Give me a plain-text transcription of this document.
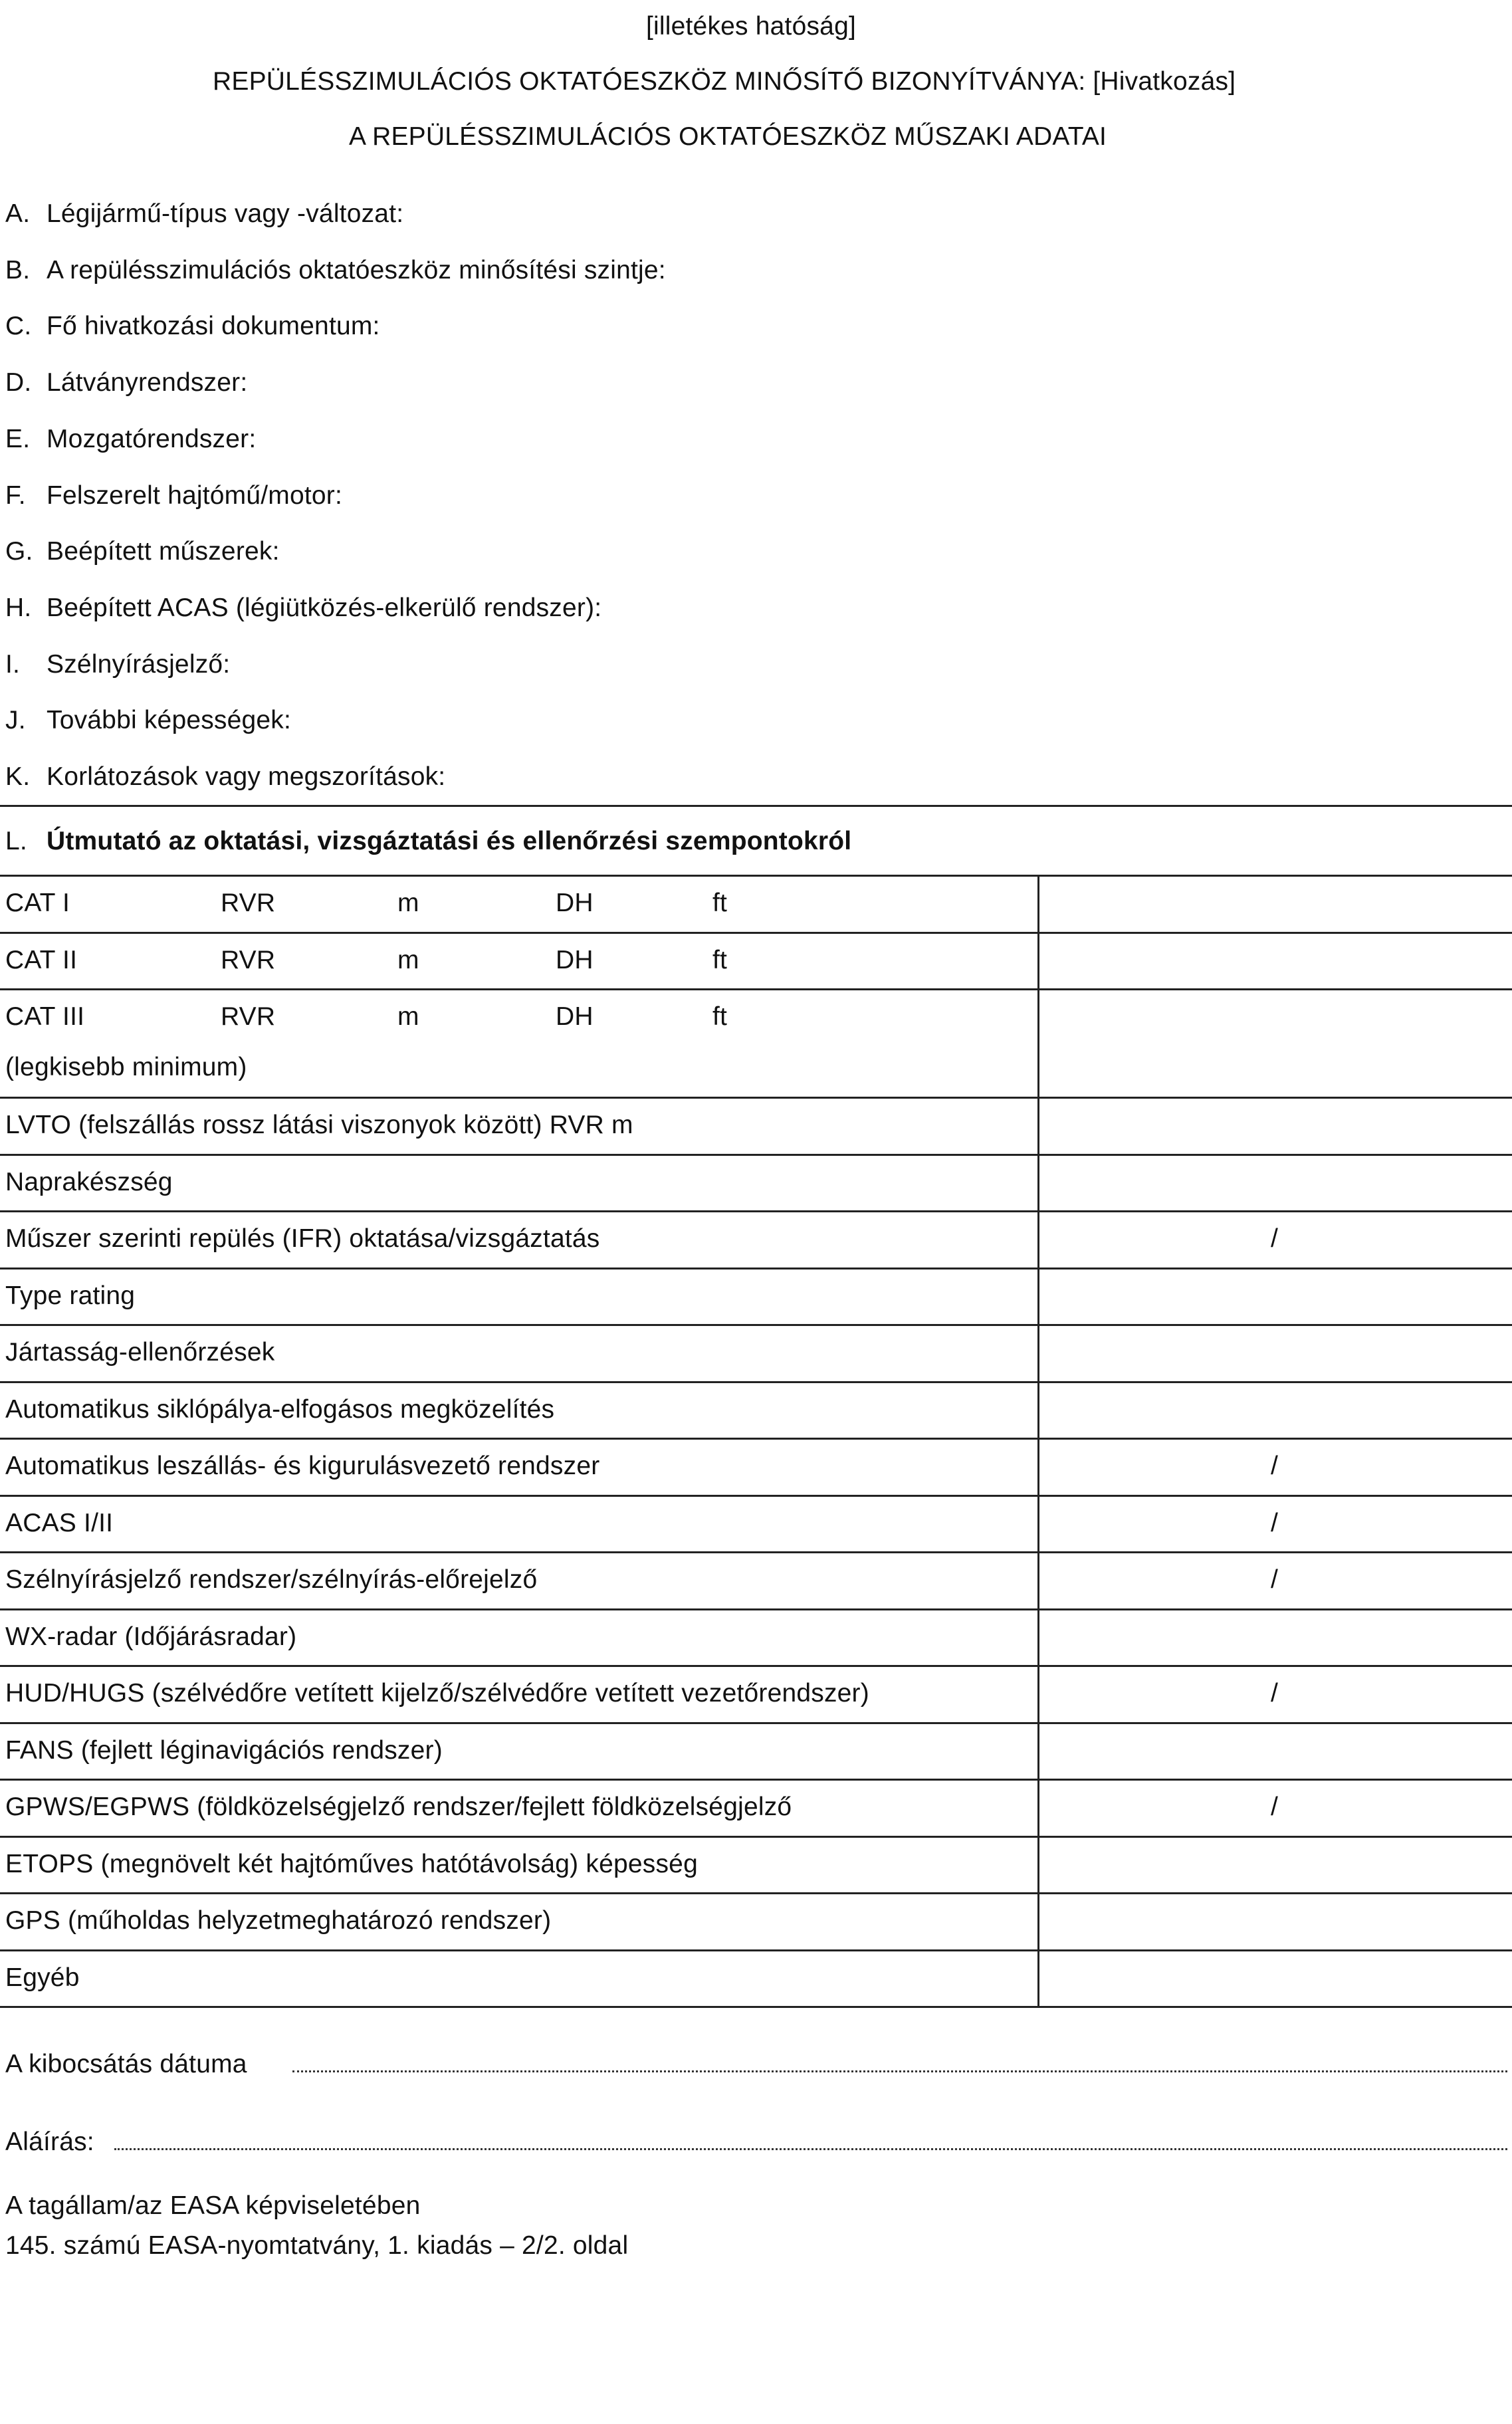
[illetékes hatóság]
REPÜLÉSSZIMULÁCIÓS OKTATÓESZKÖZ MINŐSÍTŐ BIZONYÍTVÁNYA: [Hivatkozás]
A REPÜLÉSSZIMULÁCIÓS OKTATÓESZKÖZ MŰSZAKI ADATAI
A. Légijármű-típus vagy -változat:
B. A repülésszimulációs oktatóeszköz minősítési szintje:
C. Fő hivatkozási dokumentum:
D. Látványrendszer:
E. Mozgatórendszer:
F. Felszerelt hajtómű/motor:
G. Beépített műszerek:
H. Beépített ACAS (légiütközés-elkerülő rendszer):
I. Szélnyírásjelző:
J. További képességek:
K. Korlátozások vagy megszorítások:
L. Útmutató az oktatási, vizsgáztatási és ellenőrzési szempontokról
CAT I	RVR	m	DH	ft
CAT II	RVR	m	DH	ft
CAT III	RVR	m	DH	ft
(legkisebb minimum)
LVTO (felszállás rossz látási viszonyok között) RVR m
Naprakészség
Műszer szerinti repülés (IFR) oktatása/vizsgáztatás	/
Type rating
Jártasság-ellenőrzések
Automatikus siklópálya-elfogásos megközelítés
Automatikus leszállás- és kigurulásvezető rendszer	/
ACAS I/II	/
Szélnyírásjelző rendszer/szélnyírás-előrejelző	/
WX-radar (Időjárásradar)
HUD/HUGS (szélvédőre vetített kijelző/szélvédőre vetített vezetőrendszer)	/
FANS (fejlett léginavigációs rendszer)
GPWS/EGPWS (földközelségjelző rendszer/fejlett földközelségjelző	/
ETOPS (megnövelt két hajtóműves hatótávolság) képesség
GPS (műholdas helyzetmeghatározó rendszer)
Egyéb
A kibocsátás dátuma
Aláírás:
A tagállam/az EASA képviseletében
145. számú EASA-nyomtatvány, 1. kiadás – 2/2. oldal
